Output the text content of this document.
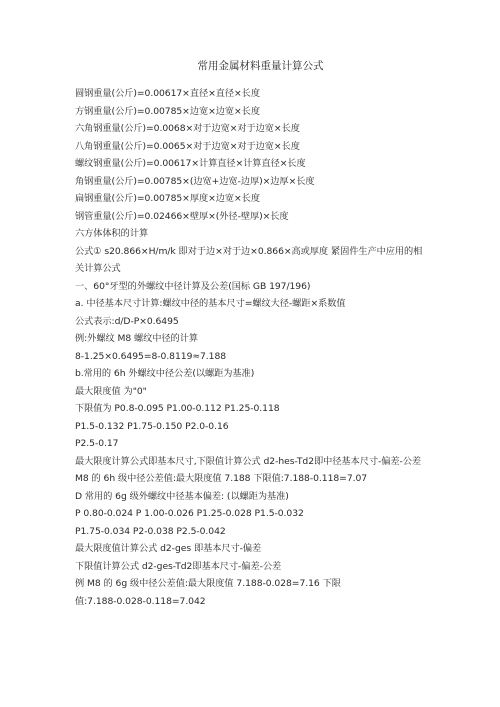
常用金属材料重量计算公式
圆钢重量(公斤)=0.00617×直径×直径×长度
方钢重量(公斤)=0.00785×边宽×边宽×长度
六角钢重量(公斤)=0.0068×对于边宽×对于边宽×长度
八角钢重量(公斤)=0.0065×对于边宽×对于边宽×长度
螺纹钢重量(公斤)=0.00617×计算直径×计算直径×长度
角钢重量(公斤)=0.00785×(边宽+边宽-边厚)×边厚×长度
扁钢重量(公斤)=0.00785×厚度×边宽×长度
钢管重量(公斤)=0.02466×壁厚×(外径-壁厚)×长度
六方体体积的计算
公式① s20.866×H/m/k 即对于边×对于边×0.866×高或厚度 紧固件生产中应用的相
关计算公式
一、60°牙型的外螺纹中径计算及公差(国标 GB 197/196)
a. 中径基本尺寸计算:螺纹中径的基本尺寸=螺纹大径-螺距×系数值
公式表示:d/D-P×0.6495
例:外螺纹 M8 螺纹中径的计算
8-1.25×0.6495=8-0.8119≈7.188
b.常用的 6h 外螺纹中径公差(以螺距为基准)
最大限度值 为"0"
下限值为 P0.8-0.095 P1.00-0.112 P1.25-0.118
P1.5-0.132 P1.75-0.150 P2.0-0.16
P2.5-0.17
最大限度计算公式即基本尺寸,下限值计算公式 d2-hes-Td2即中径基本尺寸-偏差-公差
M8 的 6h 级中径公差值:最大限度值 7.188 下限值:7.188-0.118=7.07
D 常用的 6g 级外螺纹中径基本偏差: (以螺距为基准)
P 0.80-0.024 P 1.00-0.026 P1.25-0.028 P1.5-0.032
P1.75-0.034 P2-0.038 P2.5-0.042
最大限度值计算公式 d2-ges 即基本尺寸-偏差
下限值计算公式 d2-ges-Td2即基本尺寸-偏差-公差
例 M8 的 6g 级中径公差值:最大限度值 7.188-0.028=7.16 下限
值:7.188-0.028-0.118=7.042
